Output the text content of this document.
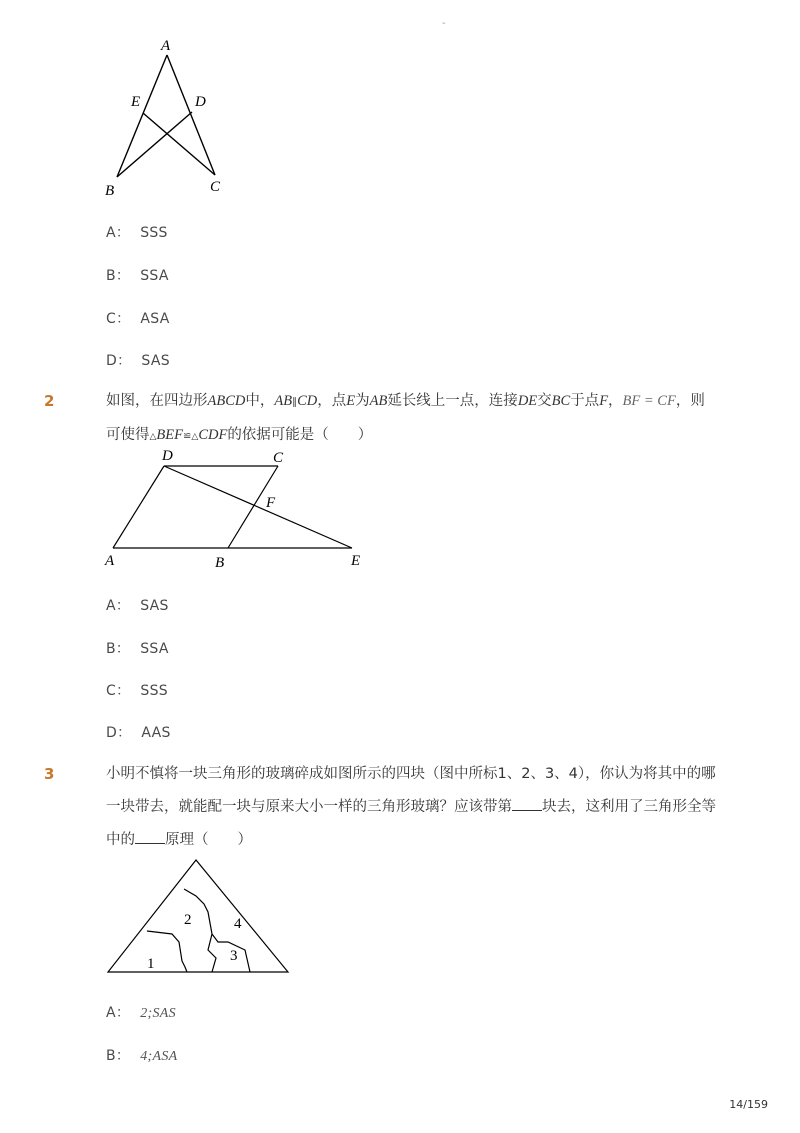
-
A
E	D
B	C
A： SSS
B： SSA
C： ASA
D： SAS
2	如图，在四边形ABCD中，AB∥CD，点E为AB延长线上一点，连接DE交BC于点F，BF = CF，则
可使得△BEF≌△CDF的依据可能是（　　）
D	C
F
A	B	E
A： SAS
B： SSA
C： SSS
D： AAS
3	小明不慎将一块三角形的玻璃碎成如图所示的四块（图中所标1、2、3、4），你认为将其中的哪
一块带去，就能配一块与原来大小一样的三角形玻璃？应该带第 块去，这利用了三角形全等
中的 原理（　　）
2	4
3
1
A： 2;SAS
B： 4;ASA
14/159
